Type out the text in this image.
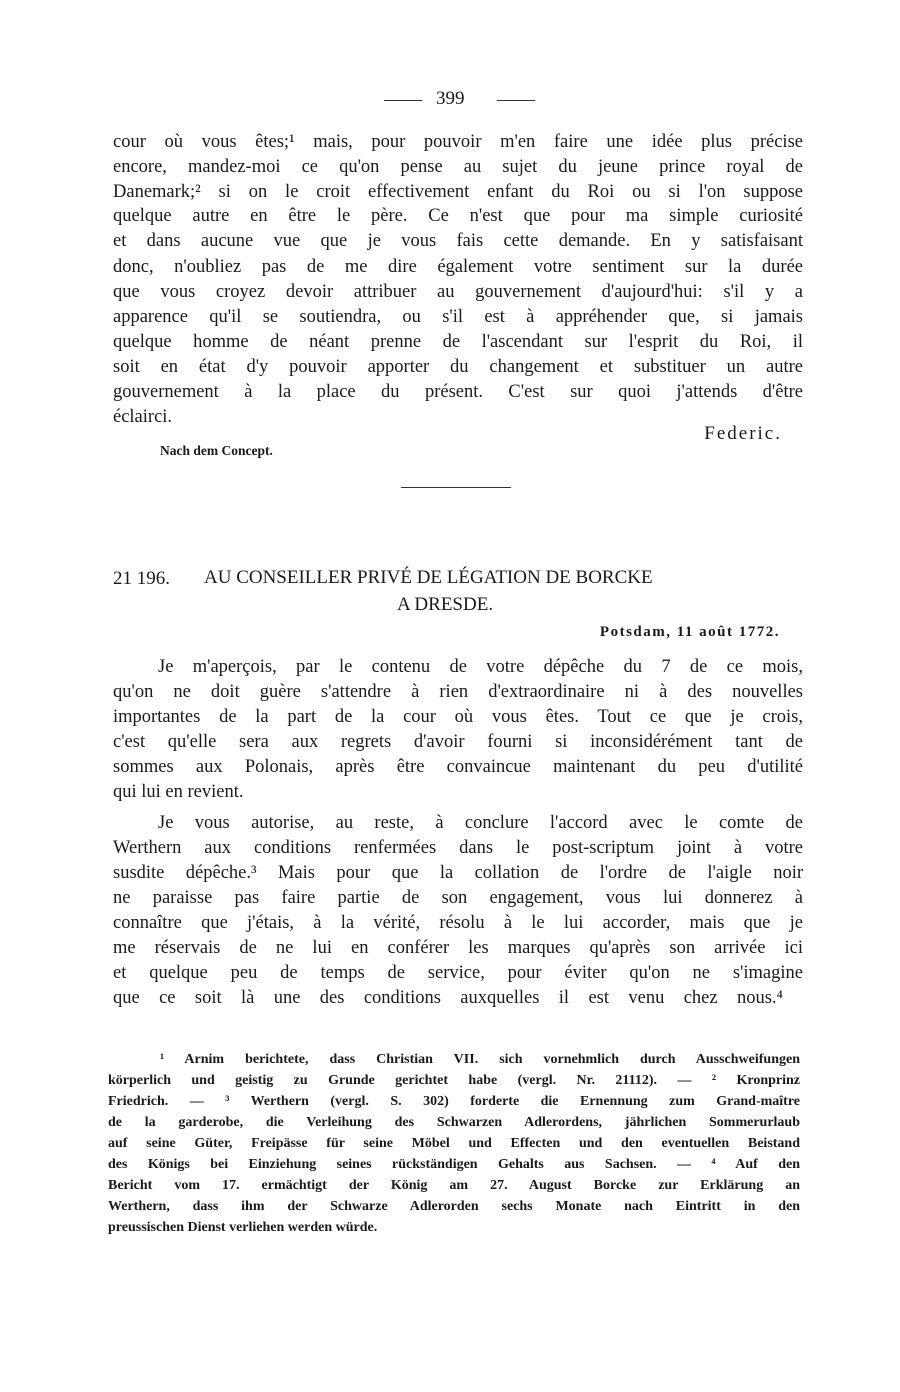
399
cour où vous êtes;¹ mais, pour pouvoir m'en faire une idée plus précise
encore, mandez-moi ce qu'on pense au sujet du jeune prince royal de
Danemark;² si on le croit effectivement enfant du Roi ou si l'on suppose
quelque autre en être le père. Ce n'est que pour ma simple curiosité
et dans aucune vue que je vous fais cette demande. En y satisfaisant
donc, n'oubliez pas de me dire également votre sentiment sur la durée
que vous croyez devoir attribuer au gouvernement d'aujourd'hui: s'il y a
apparence qu'il se soutiendra, ou s'il est à appréhender que, si jamais
quelque homme de néant prenne de l'ascendant sur l'esprit du Roi, il
soit en état d'y pouvoir apporter du changement et substituer un autre
gouvernement à la place du présent. C'est sur quoi j'attends d'être
éclairci.
Federic.
Nach dem Concept.
21 196. AU CONSEILLER PRIVÉ DE LÉGATION DE BORCKE
A DRESDE.
Potsdam, 11 août 1772.
Je m'aperçois, par le contenu de votre dépêche du 7 de ce mois,
qu'on ne doit guère s'attendre à rien d'extraordinaire ni à des nouvelles
importantes de la part de la cour où vous êtes. Tout ce que je crois,
c'est qu'elle sera aux regrets d'avoir fourni si inconsidérément tant de
sommes aux Polonais, après être convaincue maintenant du peu d'utilité
qui lui en revient.
Je vous autorise, au reste, à conclure l'accord avec le comte de
Werthern aux conditions renfermées dans le post-scriptum joint à votre
susdite dépêche.³ Mais pour que la collation de l'ordre de l'aigle noir
ne paraisse pas faire partie de son engagement, vous lui donnerez à
connaître que j'étais, à la vérité, résolu à le lui accorder, mais que je
me réservais de ne lui en conférer les marques qu'après son arrivée ici
et quelque peu de temps de service, pour éviter qu'on ne s'imagine
que ce soit là une des conditions auxquelles il est venu chez nous.⁴
¹ Arnim berichtete, dass Christian VII. sich vornehmlich durch Ausschweifungen
körperlich und geistig zu Grunde gerichtet habe (vergl. Nr. 21112). — ² Kronprinz
Friedrich. — ³ Werthern (vergl. S. 302) forderte die Ernennung zum Grand-maître
de la garderobe, die Verleihung des Schwarzen Adlerordens, jährlichen Sommerurlaub
auf seine Güter, Freipässe für seine Möbel und Effecten und den eventuellen Beistand
des Königs bei Einziehung seines rückständigen Gehalts aus Sachsen. — ⁴ Auf den
Bericht vom 17. ermächtigt der König am 27. August Borcke zur Erklärung an
Werthern, dass ihm der Schwarze Adlerorden sechs Monate nach Eintritt in den
preussischen Dienst verliehen werden würde.
